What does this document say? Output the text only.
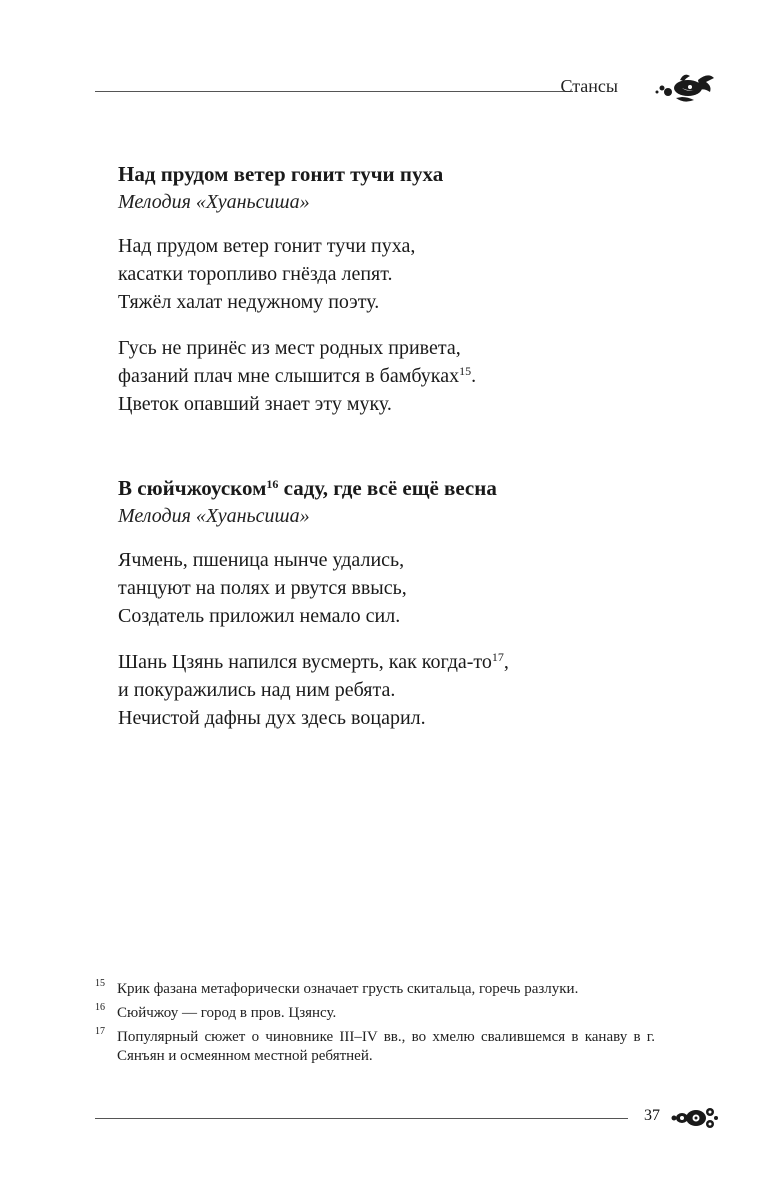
Стансы

Над прудом ветер гонит тучи пуха

Мелодия «Хуаньсиша»

Над прудом ветер гонит тучи пуха,
касатки торопливо гнёзда лепят.
Тяжёл халат недужному поэту.
Гусь не принёс из мест родных привета,
фазаний плач мне слышится в бамбуках$^{15}$.
Цветок опавший знает эту муку.

В сюйчжоуском$^{16}$ саду, где всё ещё весна

Мелодия «Хуаньсиша»

Ячмень, пшеница нынче удались,
танцуют на полях и рвутся ввысь,
Создатель приложил немало сил.
Шань Цзянь напился вусмерть, как когда-то$^{17}$,
и покуражились над ним ребята.
Нечистой дафны дух здесь воцарил.
15 Крик фазана метафорически означает грусть скитальца, горечь разлуки.
16 Сюйчжоу — город в пров. Цзянсу.
17 Популярный сюжет о чиновнике III–IV вв., во хмелю свалившемся в канаву в г. Сянъян и осмеянном местной ребятней.
37
